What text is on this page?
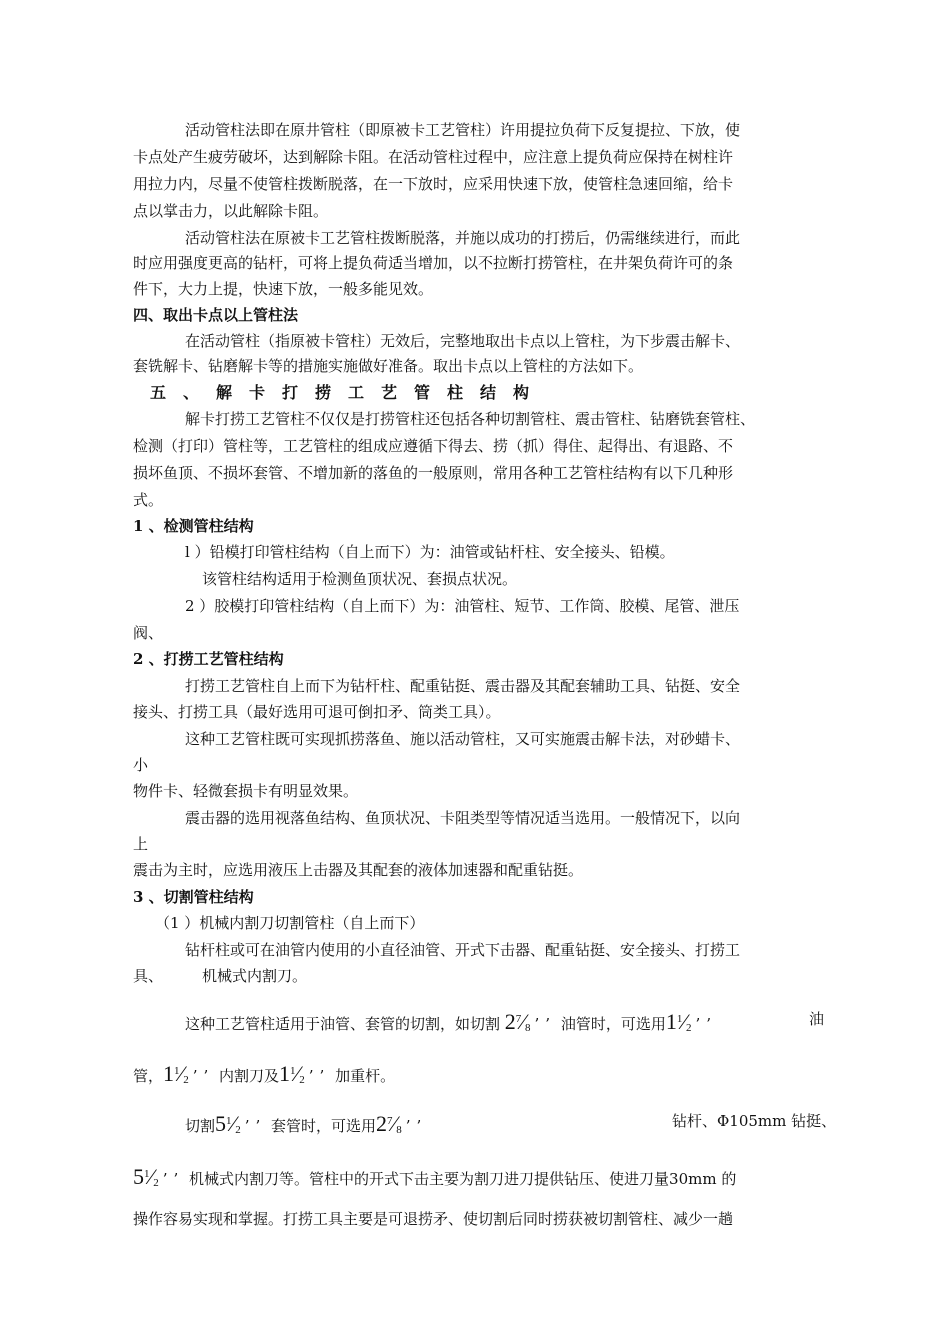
活动管柱法即在原井管柱（即原被卡工艺管柱）许用提拉负荷下反复提拉、下放，使
卡点处产生疲劳破坏，达到解除卡阻。在活动管柱过程中，应注意上提负荷应保持在树柱许
用拉力内，尽量不使管柱拨断脱落，在一下放时，应采用快速下放，使管柱急速回缩，给卡
点以掌击力，以此解除卡阻。
活动管柱法在原被卡工艺管柱拨断脱落，并施以成功的打捞后，仍需继续进行，而此
时应用强度更高的钻杆，可将上提负荷适当增加，以不拉断打捞管柱，在井架负荷许可的条
件下，大力上提，快速下放，一般多能见效。
四、取出卡点以上管柱法
在活动管柱（指原被卡管柱）无效后，完整地取出卡点以上管柱，为下步震击解卡、
套铣解卡、钻磨解卡等的措施实施做好准备。取出卡点以上管柱的方法如下。
五、解卡打捞工艺管柱结构
解卡打捞工艺管柱不仅仅是打捞管柱还包括各种切割管柱、震击管柱、钻磨铣套管柱、
检测（打印）管柱等，工艺管柱的组成应遵循下得去、捞（抓）得住、起得出、有退路、不
损坏鱼顶、不损坏套管、不增加新的落鱼的一般原则，常用各种工艺管柱结构有以下几种形
式。
1 、检测管柱结构
l ）铅模打印管柱结构（自上而下）为：油管或钻杆柱、安全接头、铅模。
该管柱结构适用于检测鱼顶状况、套损点状况。
2 ）胶模打印管柱结构（自上而下）为：油管柱、短节、工作筒、胶模、尾管、泄压
阀、
2 、打捞工艺管柱结构
打捞工艺管柱自上而下为钻杆柱、配重钻挺、震击器及其配套辅助工具、钻挺、安全
接头、打捞工具（最好选用可退可倒扣矛、筒类工具）。
这种工艺管柱既可实现抓捞落鱼、施以活动管柱，又可实施震击解卡法，对砂蜡卡、
小
物件卡、轻微套损卡有明显效果。
震击器的选用视落鱼结构、鱼顶状况、卡阻类型等情况适当选用。一般情况下，以向
上
震击为主时，应选用液压上击器及其配套的液体加速器和配重钻挺。
3 、切割管柱结构
（1 ）机械内割刀切割管柱（自上而下）
钻杆柱或可在油管内使用的小直径油管、开式下击器、配重钻挺、安全接头、打捞工
具、	机械式内割刀。
这种工艺管柱适用于油管、套管的切割，如切割 $2^7⁄_8$ ’’ 油管时，可选用$1^1⁄_2$ ’’	油
管，$1^1⁄_2$ ’’ 内割刀及$1^1⁄_2$ ’’ 加重杆。
切割$5^1⁄_2$ ’’ 套管时，可选用$2^7⁄_8$ ’’	钻杆、Φ105mm 钻挺、
$5^1⁄_2$ ’’ 机械式内割刀等。管柱中的开式下击主要为割刀进刀提供钻压、使进刀量30mm 的
操作容易实现和掌握。打捞工具主要是可退捞矛、使切割后同时捞获被切割管柱、减少一趟
